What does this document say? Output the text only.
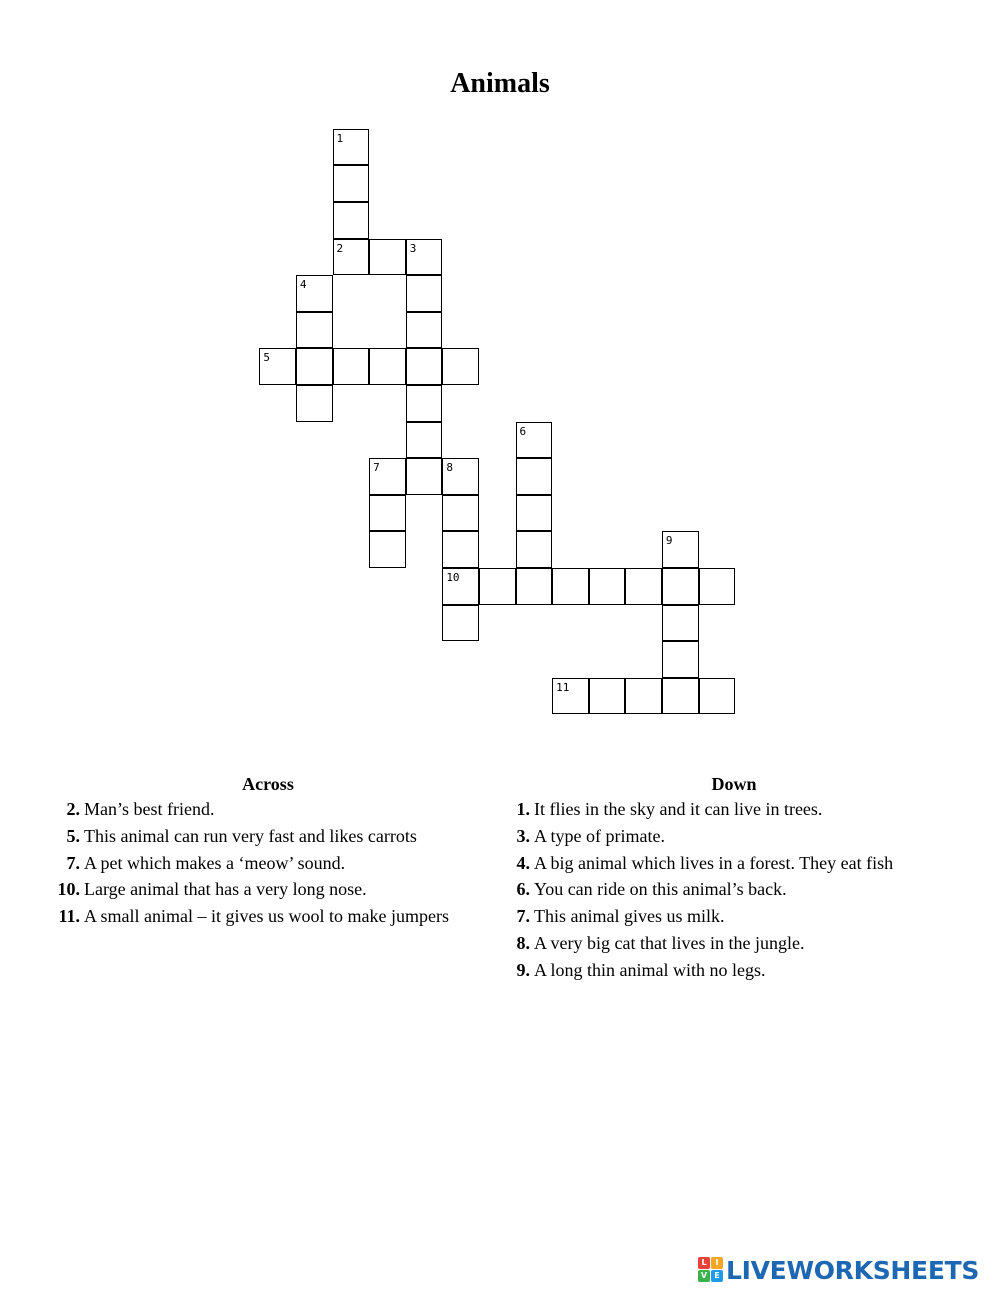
Animals
1
2	3
4
5
6
7	8
9
10
11
Across
2. Man’s best friend.
5. This animal can run very fast and likes carrots
7. A pet which makes a ‘meow’ sound.
10. Large animal that has a very long nose.
11. A small animal – it gives us wool to make jumpers
Down
1. It flies in the sky and it can live in trees.
3. A type of primate.
4. A big animal which lives in a forest. They eat fish
6. You can ride on this animal’s back.
7. This animal gives us milk.
8. A very big cat that lives in the jungle.
9. A long thin animal with no legs.
L	I
V E LIVEWORKSHEETS
